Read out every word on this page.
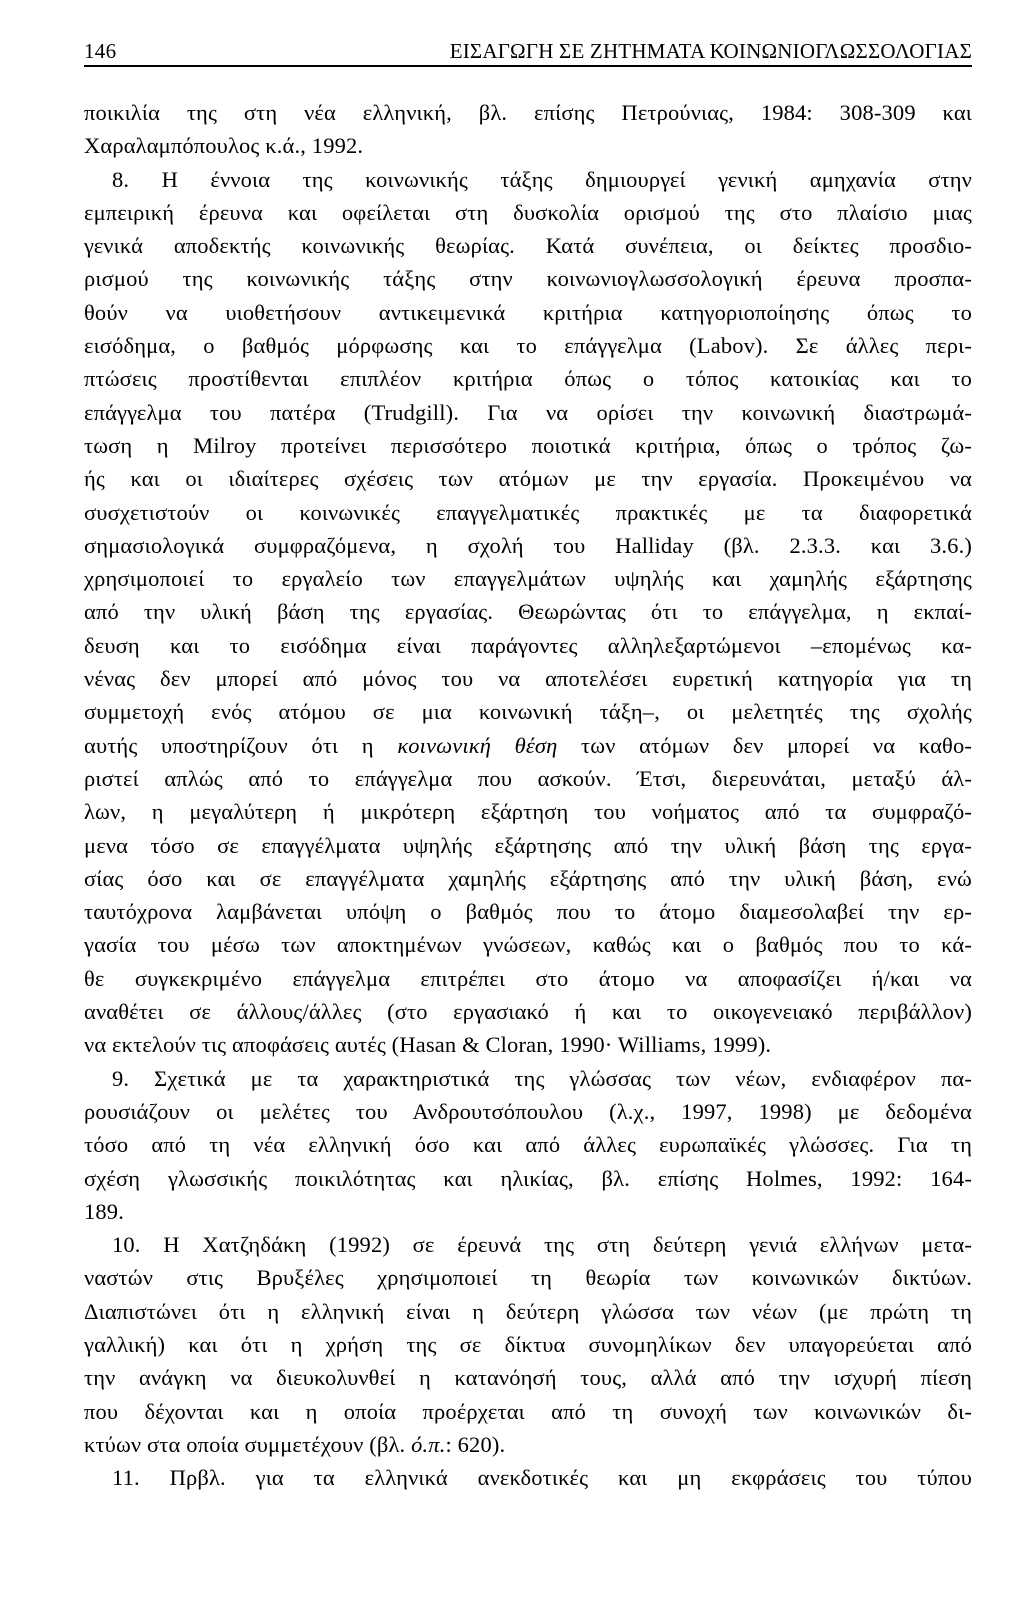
146	ΕΙΣΑΓΩΓΗ ΣΕ ΖΗΤΗΜΑΤΑ ΚΟΙΝΩΝΙΟΓΛΩΣΣΟΛΟΓΙΑΣ
ποικιλία της στη νέα ελληνική, βλ. επίσης Πετρούνιας, 1984: 308-309 και
Χαραλαμπόπουλος κ.ά., 1992.
8. Η έννοια της κοινωνικής τάξης δημιουργεί γενική αμηχανία στην
εμπειρική έρευνα και οφείλεται στη δυσκολία ορισμού της στο πλαίσιο μιας
γενικά αποδεκτής κοινωνικής θεωρίας. Κατά συνέπεια, οι δείκτες προσδιο-
ρισμού της κοινωνικής τάξης στην κοινωνιογλωσσολογική έρευνα προσπα-
θούν να υιοθετήσουν αντικειμενικά κριτήρια κατηγοριοποίησης όπως το
εισόδημα, ο βαθμός μόρφωσης και το επάγγελμα (Labov). Σε άλλες περι-
πτώσεις προστίθενται επιπλέον κριτήρια όπως ο τόπος κατοικίας και το
επάγγελμα του πατέρα (Trudgill). Για να ορίσει την κοινωνική διαστρωμά-
τωση η Milroy προτείνει περισσότερο ποιοτικά κριτήρια, όπως ο τρόπος ζω-
ής και οι ιδιαίτερες σχέσεις των ατόμων με την εργασία. Προκειμένου να
συσχετιστούν οι κοινωνικές επαγγελματικές πρακτικές με τα διαφορετικά
σημασιολογικά συμφραζόμενα, η σχολή του Halliday (βλ. 2.3.3. και 3.6.)
χρησιμοποιεί το εργαλείο των επαγγελμάτων υψηλής και χαμηλής εξάρτησης
από την υλική βάση της εργασίας. Θεωρώντας ότι το επάγγελμα, η εκπαί-
δευση και το εισόδημα είναι παράγοντες αλληλεξαρτώμενοι –επομένως κα-
νένας δεν μπορεί από μόνος του να αποτελέσει ευρετική κατηγορία για τη
συμμετοχή ενός ατόμου σε μια κοινωνική τάξη–, οι μελετητές της σχολής
αυτής υποστηρίζουν ότι η κοινωνική θέση των ατόμων δεν μπορεί να καθο-
ριστεί απλώς από το επάγγελμα που ασκούν. Έτσι, διερευνάται, μεταξύ άλ-
λων, η μεγαλύτερη ή μικρότερη εξάρτηση του νοήματος από τα συμφραζό-
μενα τόσο σε επαγγέλματα υψηλής εξάρτησης από την υλική βάση της εργα-
σίας όσο και σε επαγγέλματα χαμηλής εξάρτησης από την υλική βάση, ενώ
ταυτόχρονα λαμβάνεται υπόψη ο βαθμός που το άτομο διαμεσολαβεί την ερ-
γασία του μέσω των αποκτημένων γνώσεων, καθώς και ο βαθμός που το κά-
θε συγκεκριμένο επάγγελμα επιτρέπει στο άτομο να αποφασίζει ή/και να
αναθέτει σε άλλους/άλλες (στο εργασιακό ή και το οικογενειακό περιβάλλον)
να εκτελούν τις αποφάσεις αυτές (Hasan & Cloran, 1990· Williams, 1999).
9. Σχετικά με τα χαρακτηριστικά της γλώσσας των νέων, ενδιαφέρον πα-
ρουσιάζουν οι μελέτες του Ανδρουτσόπουλου (λ.χ., 1997, 1998) με δεδομένα
τόσο από τη νέα ελληνική όσο και από άλλες ευρωπαϊκές γλώσσες. Για τη
σχέση γλωσσικής ποικιλότητας και ηλικίας, βλ. επίσης Holmes, 1992: 164-
189.
10. Η Χατζηδάκη (1992) σε έρευνά της στη δεύτερη γενιά ελλήνων μετα-
ναστών στις Βρυξέλες χρησιμοποιεί τη θεωρία των κοινωνικών δικτύων.
Διαπιστώνει ότι η ελληνική είναι η δεύτερη γλώσσα των νέων (με πρώτη τη
γαλλική) και ότι η χρήση της σε δίκτυα συνομηλίκων δεν υπαγορεύεται από
την ανάγκη να διευκολυνθεί η κατανόησή τους, αλλά από την ισχυρή πίεση
που δέχονται και η οποία προέρχεται από τη συνοχή των κοινωνικών δι-
κτύων στα οποία συμμετέχουν (βλ. ό.π.: 620).
11. Πρβλ. για τα ελληνικά ανεκδοτικές και μη εκφράσεις του τύπου
